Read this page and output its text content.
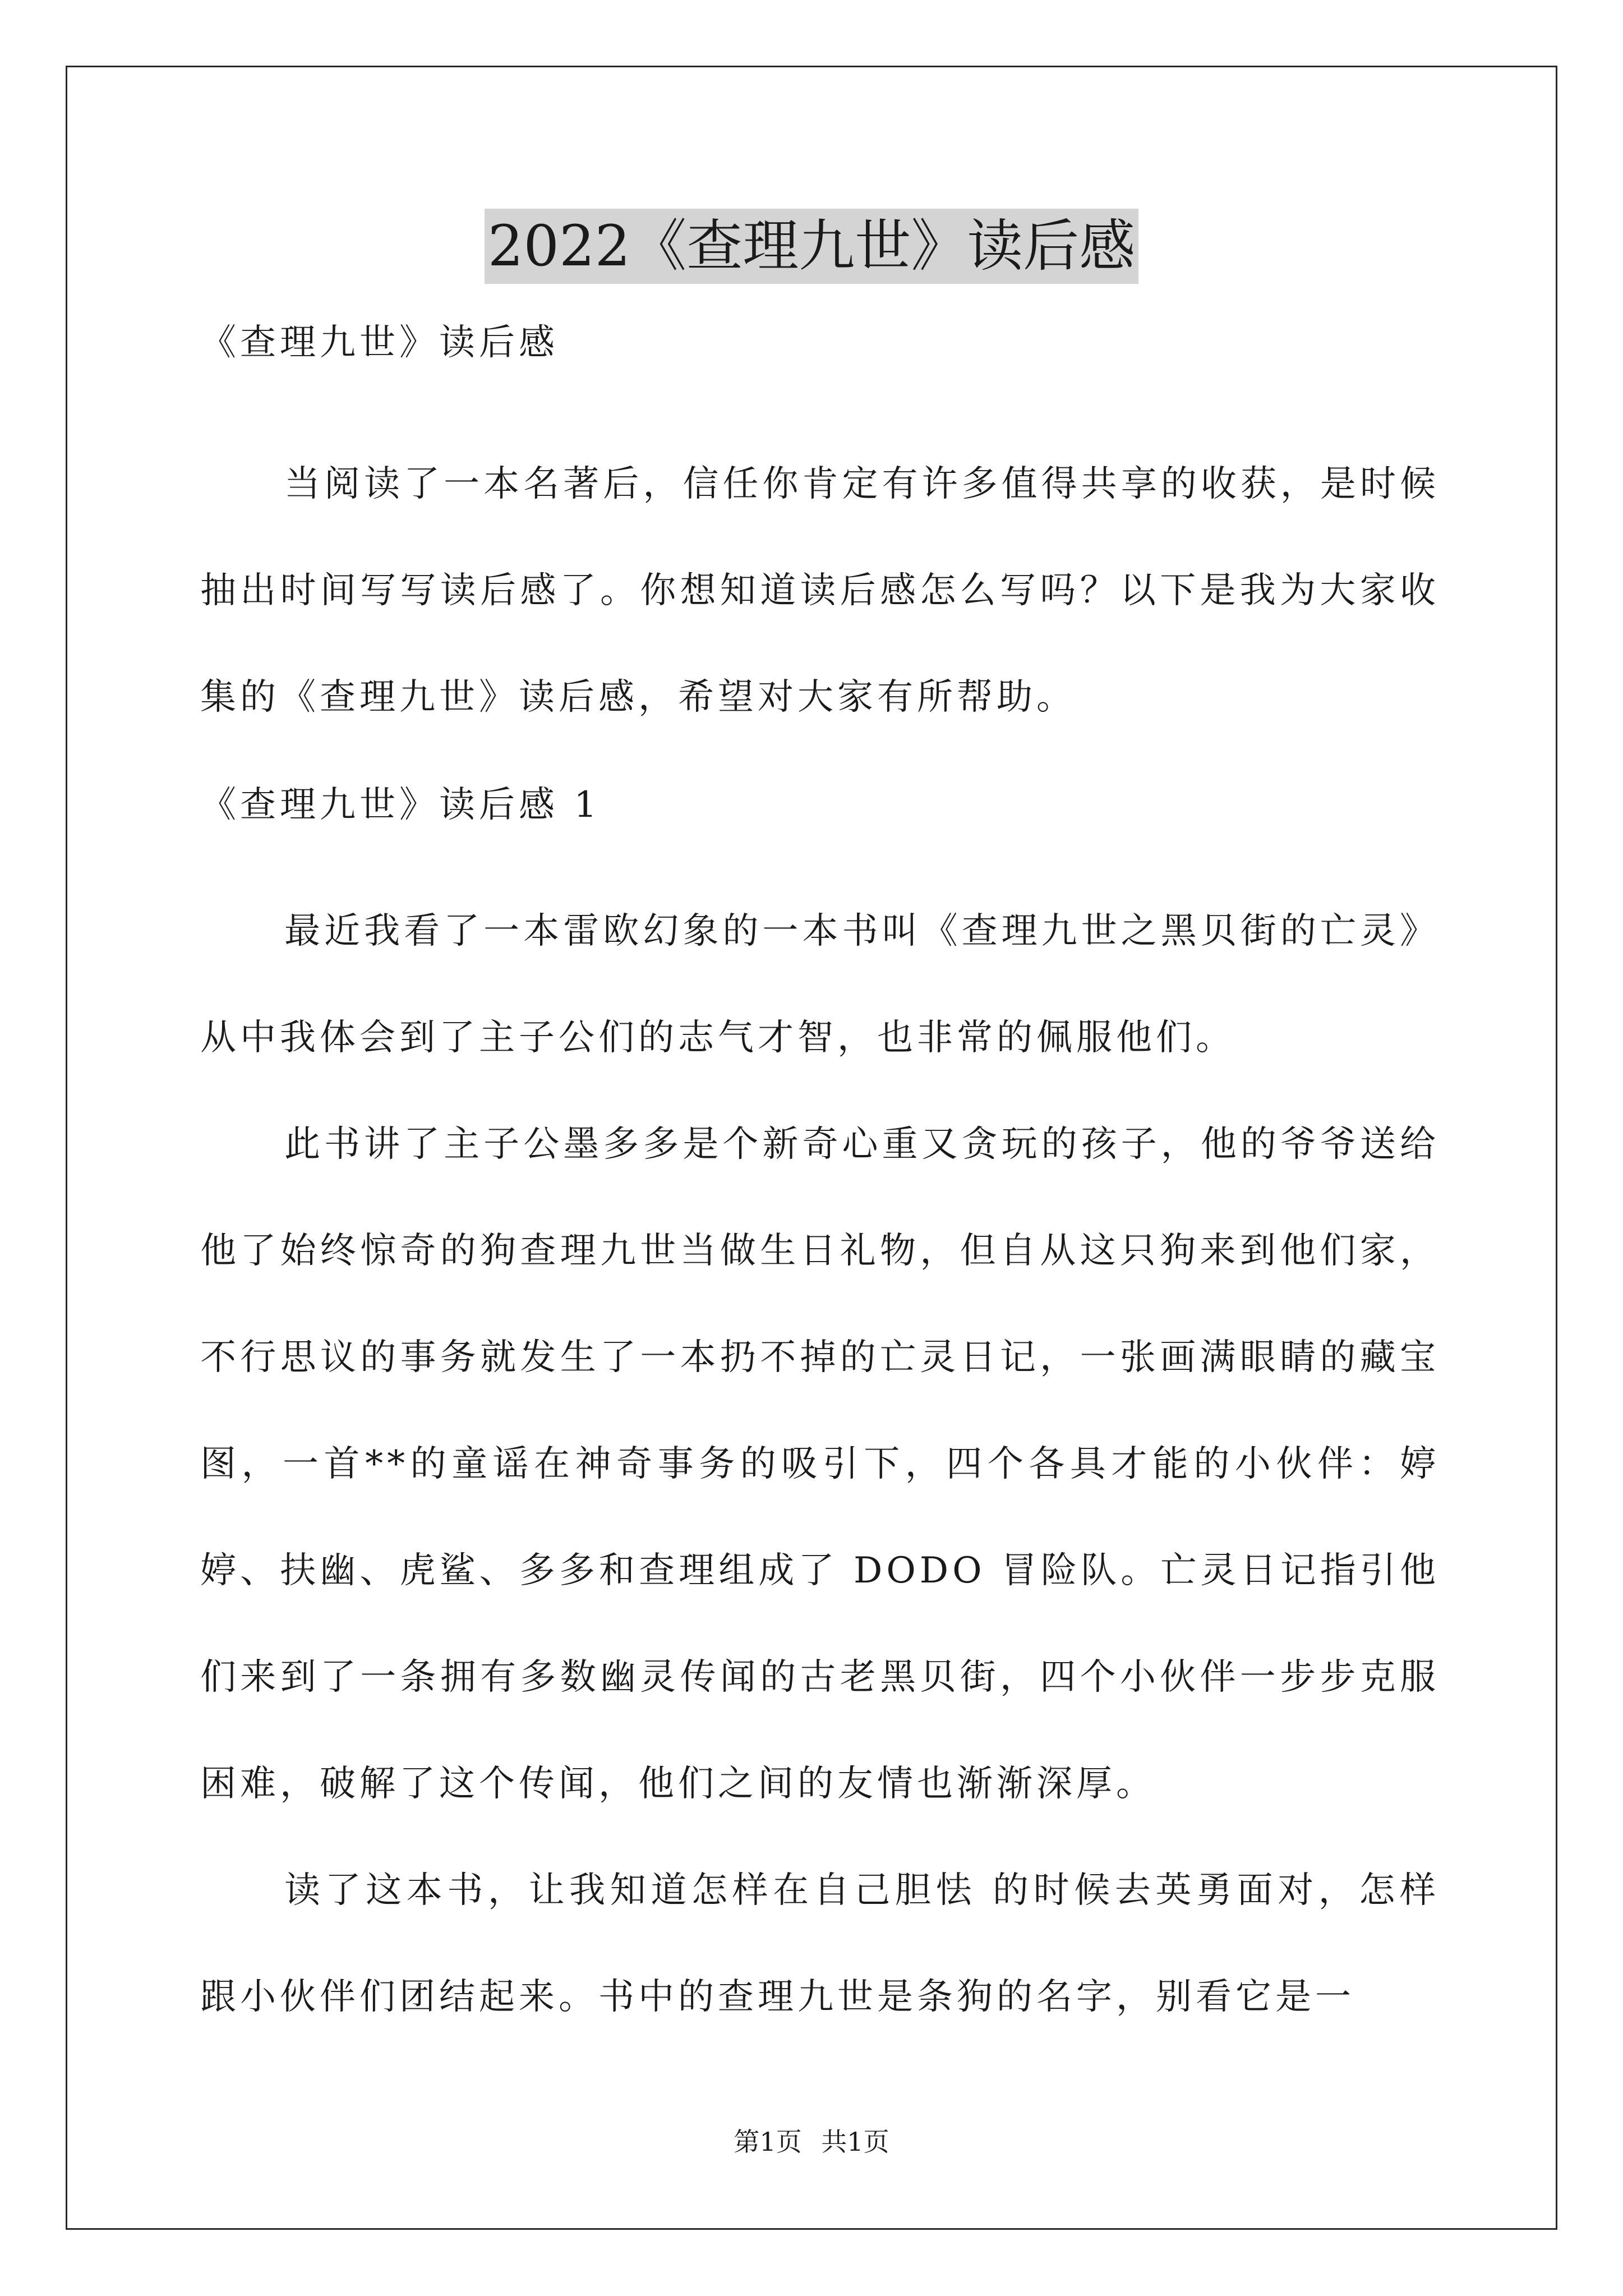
2022《查理九世》读后感

《查理九世》读后感

当阅读了一本名著后，信任你肯定有许多值得共享的收获，是时候抽出时间写写读后感了。你想知道读后感怎么写吗？以下是我为大家收集的《查理九世》读后感，希望对大家有所帮助。

《查理九世》读后感 1

最近我看了一本雷欧幻象的一本书叫《查理九世之黑贝街的亡灵》从中我体会到了主子公们的志气才智，也非常的佩服他们。

此书讲了主子公墨多多是个新奇心重又贪玩的孩子，他的爷爷送给他了始终惊奇的狗查理九世当做生日礼物，但自从这只狗来到他们家，不行思议的事务就发生了一本扔不掉的亡灵日记，一张画满眼睛的藏宝图，一首**的童谣在神奇事务的吸引下，四个各具才能的小伙伴：婷婷、扶幽、虎鲨、多多和查理组成了 DODO 冒险队。亡灵日记指引他们来到了一条拥有多数幽灵传闻的古老黑贝街，四个小伙伴一步步克服困难，破解了这个传闻，他们之间的友情也渐渐深厚。

读了这本书，让我知道怎样在自己胆怯 的时候去英勇面对，怎样跟小伙伴们团结起来。书中的查理九世是条狗的名字，别看它是一

第1页 共1页
